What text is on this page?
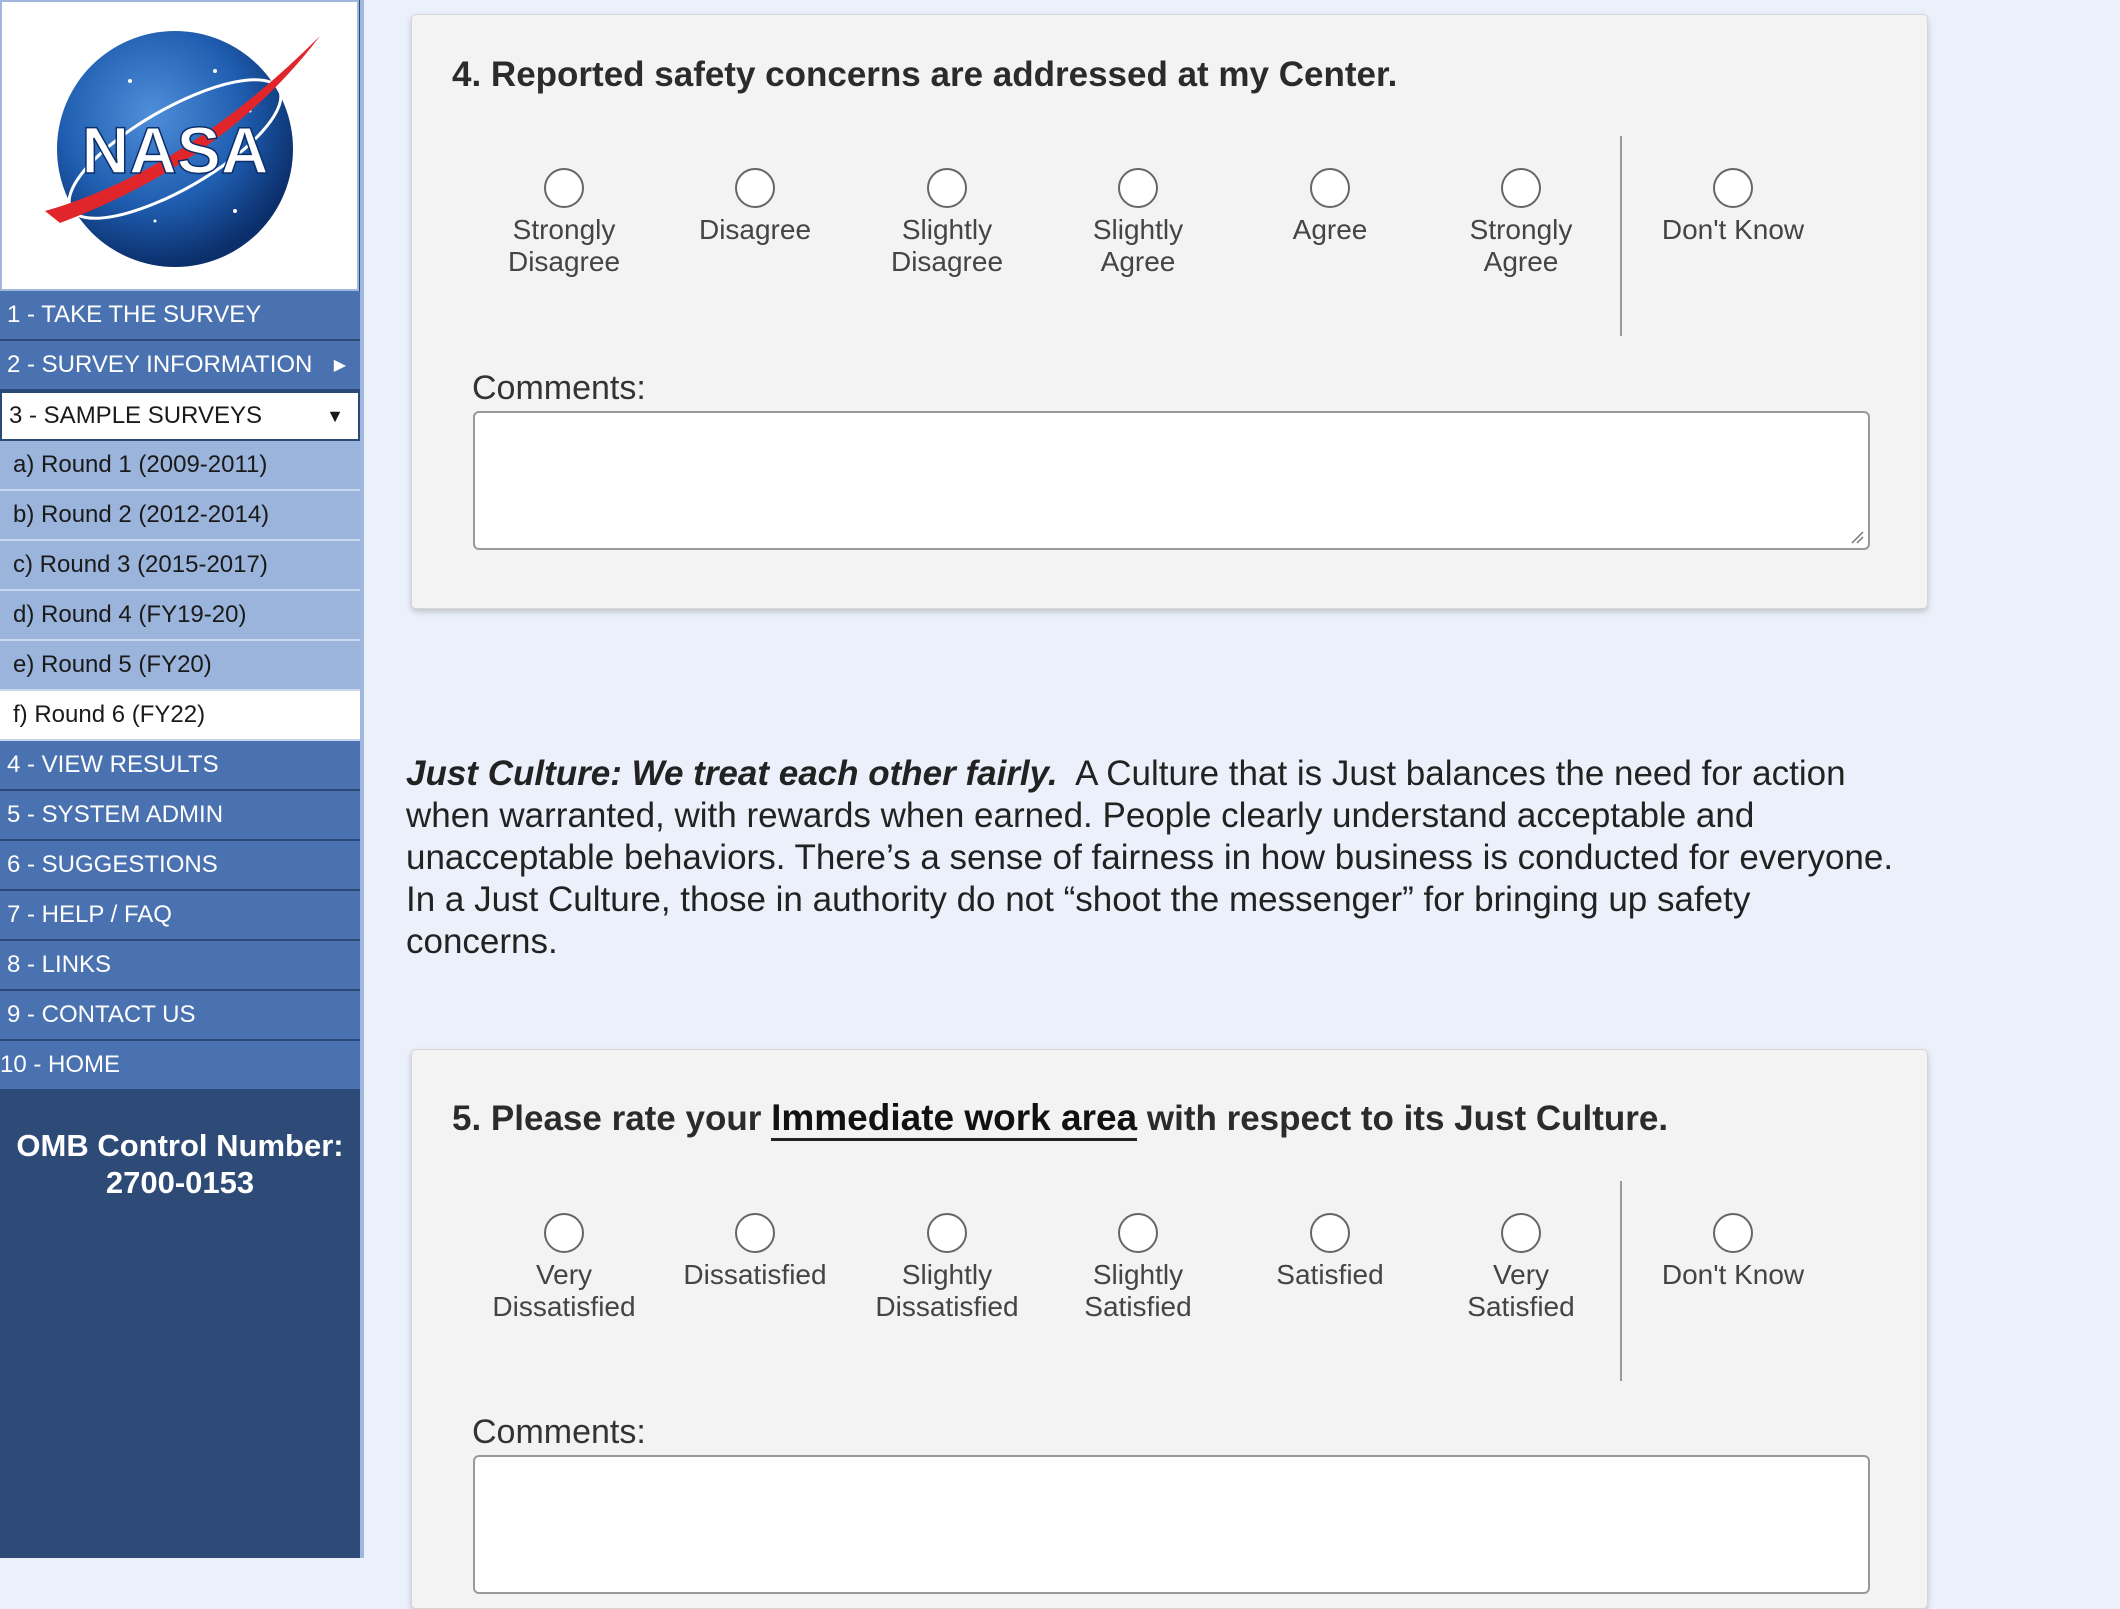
NASA
1 - TAKE THE SURVEY
2 - SURVEY INFORMATION ▶
3 - SAMPLE SURVEYS	▼
a) Round 1 (2009-2011)
b) Round 2 (2012-2014)
c) Round 3 (2015-2017)
d) Round 4 (FY19-20)
e) Round 5 (FY20)
f) Round 6 (FY22)
4 - VIEW RESULTS
5 - SYSTEM ADMIN
6 - SUGGESTIONS
7 - HELP / FAQ
8 - LINKS
9 - CONTACT US
10 - HOME
OMB Control Number:
2700-0153
4. Reported safety concerns are addressed at my Center.
Strongly
Disagree
Disagree	Slightly
Disagree
Slightly
Agree
Agree	Strongly
Agree
Don't Know
Comments:
Just Culture: We treat each other fairly. A Culture that is Just balances the need for action when warranted, with rewards when earned. People clearly understand acceptable and unacceptable behaviors. There’s a sense of fairness in how business is conducted for everyone. In a Just Culture, those in authority do not “shoot the messenger” for bringing up safety concerns.
5. Please rate your Immediate work area with respect to its Just Culture.
Very
Dissatisfied
Dissatisfied	Slightly
Dissatisfied
Slightly
Satisfied
Satisfied	Very
Satisfied
Don't Know
Comments:
